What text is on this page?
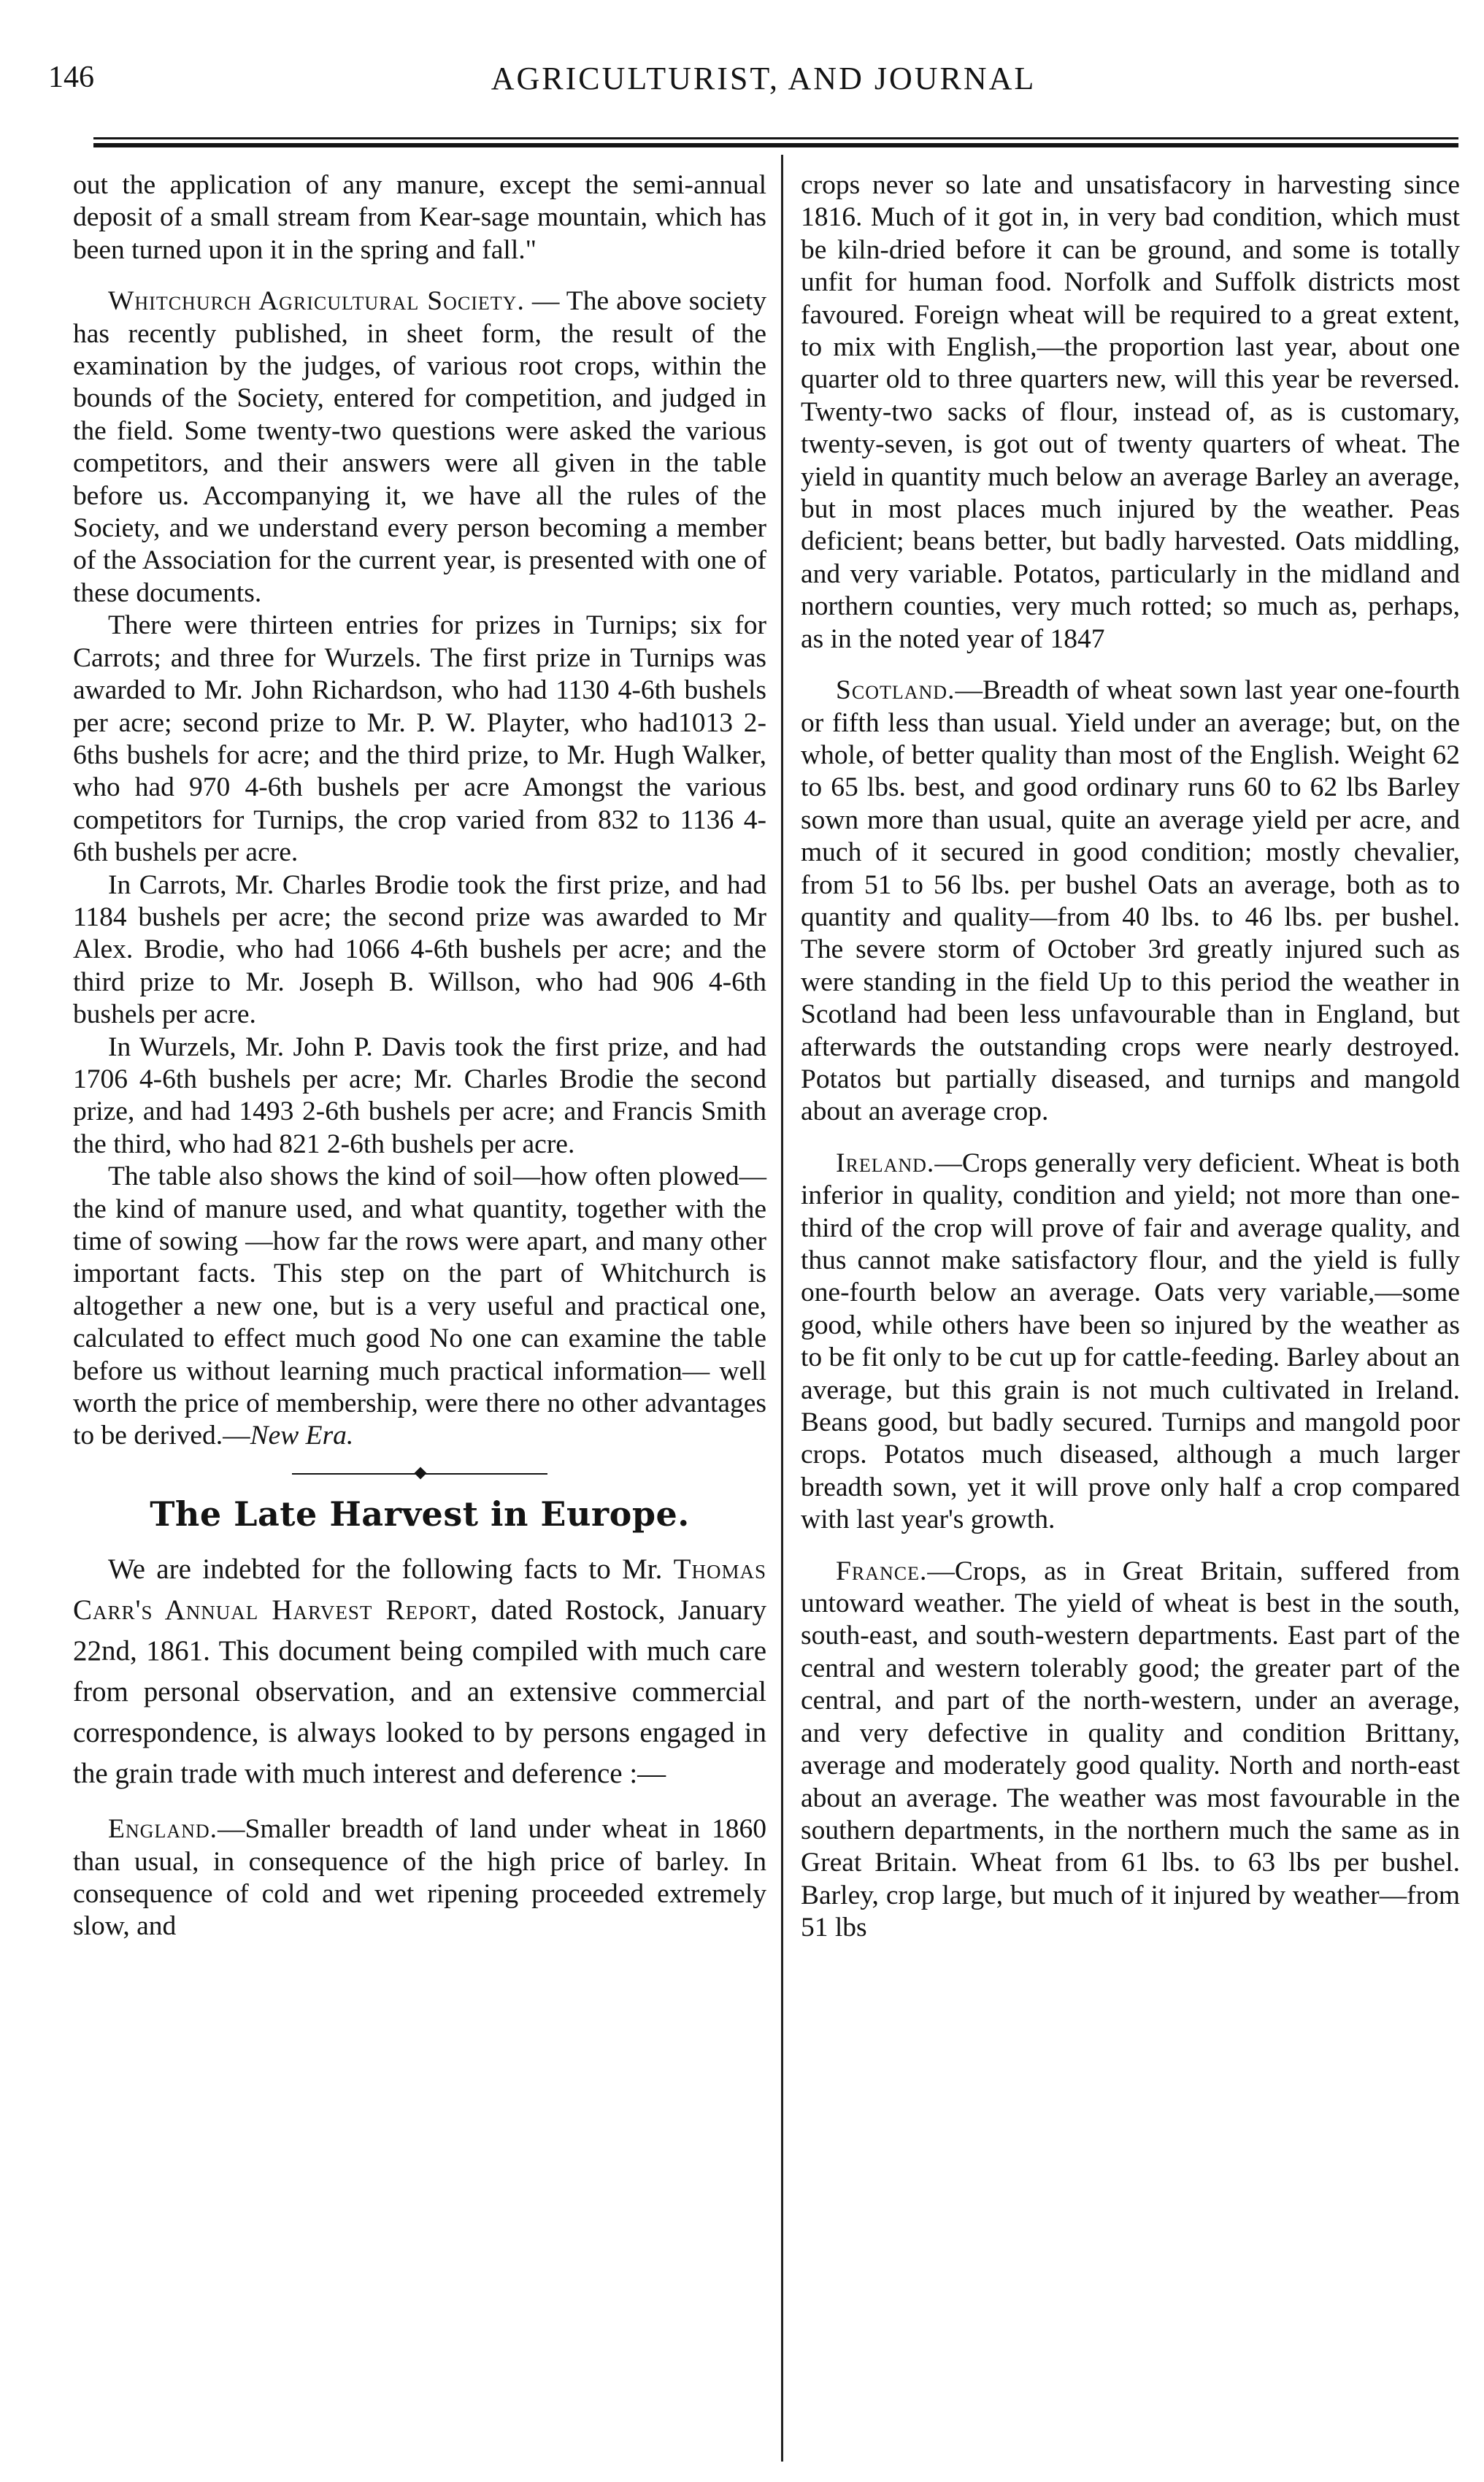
146	AGRICULTURIST, AND JOURNAL

out the application of any manure, except the semi-annual deposit of a small stream from Kear-sage mountain, which has been turned upon it in the spring and fall."

Whitchurch Agricultural Society. — The above society has recently published, in sheet form, the result of the examination by the judges, of various root crops, within the bounds of the Society, entered for competition, and judged in the field. Some twenty-two questions were asked the various competitors, and their answers were all given in the table before us. Accompanying it, we have all the rules of the Society, and we understand every person becoming a member of the Association for the current year, is presented with one of these documents.

There were thirteen entries for prizes in Turnips; six for Carrots; and three for Wurzels. The first prize in Turnips was awarded to Mr. John Richardson, who had 1130 4-6th bushels per acre; second prize to Mr. P. W. Playter, who had1013 2-6ths bushels for acre; and the third prize, to Mr. Hugh Walker, who had 970 4-6th bushels per acre Amongst the various competitors for Turnips, the crop varied from 832 to 1136 4-6th bushels per acre.

In Carrots, Mr. Charles Brodie took the first prize, and had 1184 bushels per acre; the second prize was awarded to Mr Alex. Brodie, who had 1066 4-6th bushels per acre; and the third prize to Mr. Joseph B. Willson, who had 906 4-6th bushels per acre.

In Wurzels, Mr. John P. Davis took the first prize, and had 1706 4-6th bushels per acre; Mr. Charles Brodie the second prize, and had 1493 2-6th bushels per acre; and Francis Smith the third, who had 821 2-6th bushels per acre.

The table also shows the kind of soil—how often plowed—the kind of manure used, and what quantity, together with the time of sowing —how far the rows were apart, and many other important facts. This step on the part of Whitchurch is altogether a new one, but is a very useful and practical one, calculated to effect much good No one can examine the table before us without learning much practical information— well worth the price of membership, were there no other advantages to be derived.—New Era.

The Late Harvest in Europe.

We are indebted for the following facts to Mr. Thomas Carr's Annual Harvest Report, dated Rostock, January 22nd, 1861. This document being compiled with much care from personal observation, and an extensive commercial correspondence, is always looked to by persons engaged in the grain trade with much interest and deference :—

England.—Smaller breadth of land under wheat in 1860 than usual, in consequence of the high price of barley. In consequence of cold and wet ripening proceeded extremely slow, and

crops never so late and unsatisfacory in harvesting since 1816. Much of it got in, in very bad condition, which must be kiln-dried before it can be ground, and some is totally unfit for human food. Norfolk and Suffolk districts most favoured. Foreign wheat will be required to a great extent, to mix with English,—the proportion last year, about one quarter old to three quarters new, will this year be reversed. Twenty-two sacks of flour, instead of, as is customary, twenty-seven, is got out of twenty quarters of wheat. The yield in quantity much below an average Barley an average, but in most places much injured by the weather. Peas deficient; beans better, but badly harvested. Oats middling, and very variable. Potatos, particularly in the midland and northern counties, very much rotted; so much as, perhaps, as in the noted year of 1847

Scotland.—Breadth of wheat sown last year one-fourth or fifth less than usual. Yield under an average; but, on the whole, of better quality than most of the English. Weight 62 to 65 lbs. best, and good ordinary runs 60 to 62 lbs Barley sown more than usual, quite an average yield per acre, and much of it secured in good condition; mostly chevalier, from 51 to 56 lbs. per bushel Oats an average, both as to quantity and quality—from 40 lbs. to 46 lbs. per bushel. The severe storm of October 3rd greatly injured such as were standing in the field Up to this period the weather in Scotland had been less unfavourable than in England, but afterwards the outstanding crops were nearly destroyed. Potatos but partially diseased, and turnips and mangold about an average crop.

Ireland.—Crops generally very deficient. Wheat is both inferior in quality, condition and yield; not more than one-third of the crop will prove of fair and average quality, and thus cannot make satisfactory flour, and the yield is fully one-fourth below an average. Oats very variable,—some good, while others have been so injured by the weather as to be fit only to be cut up for cattle-feeding. Barley about an average, but this grain is not much cultivated in Ireland. Beans good, but badly secured. Turnips and mangold poor crops. Potatos much diseased, although a much larger breadth sown, yet it will prove only half a crop compared with last year's growth.

France.—Crops, as in Great Britain, suffered from untoward weather. The yield of wheat is best in the south, south-east, and south-western departments. East part of the central and western tolerably good; the greater part of the central, and part of the north-western, under an average, and very defective in quality and condition Brittany, average and moderately good quality. North and north-east about an average. The weather was most favourable in the southern departments, in the northern much the same as in Great Britain. Wheat from 61 lbs. to 63 lbs per bushel. Barley, crop large, but much of it injured by weather—from 51 lbs
